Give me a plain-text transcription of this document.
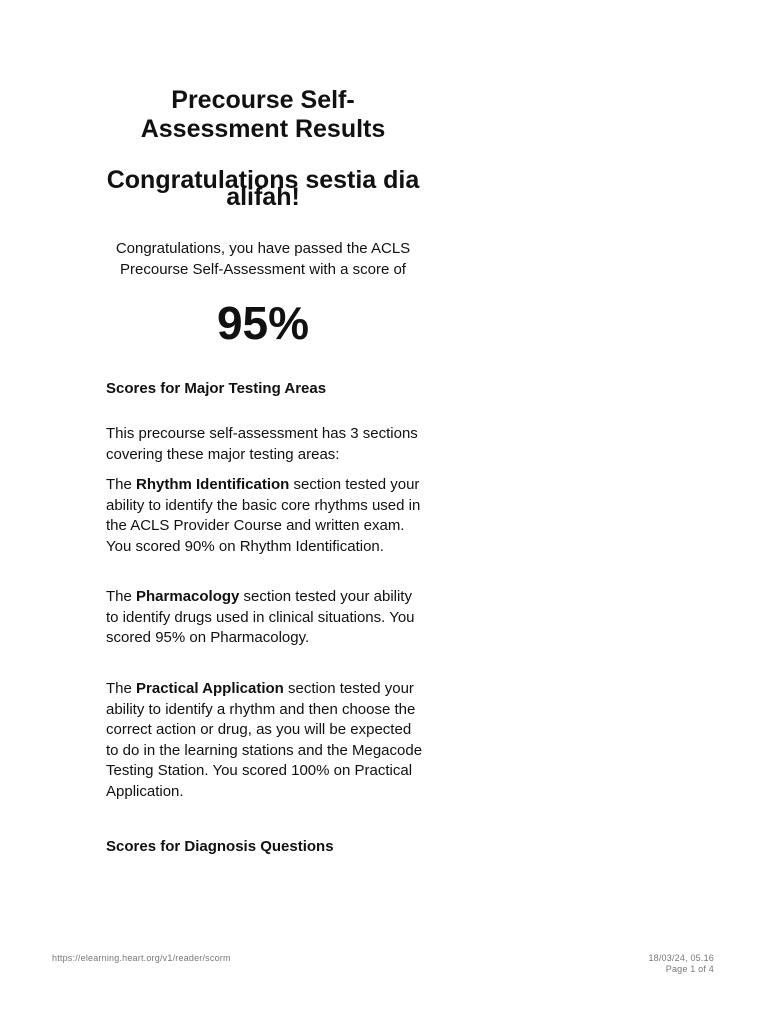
Precourse Self-Assessment Results
Congratulations sestia dia alifah!

Congratulations, you have passed the ACLS Precourse Self-Assessment with a score of

95%
Scores for Major Testing Areas

This precourse self-assessment has 3 sections covering these major testing areas:

The Rhythm Identification section tested your ability to identify the basic core rhythms used in the ACLS Provider Course and written exam. You scored 90% on Rhythm Identification.

The Pharmacology section tested your ability to identify drugs used in clinical situations. You scored 95% on Pharmacology.

The Practical Application section tested your ability to identify a rhythm and then choose the correct action or drug, as you will be expected to do in the learning stations and the Megacode Testing Station. You scored 100% on Practical Application.

Scores for Diagnosis Questions
https://elearning.heart.org/v1/reader/scorm	18/03/24, 05.16
Page 1 of 4
